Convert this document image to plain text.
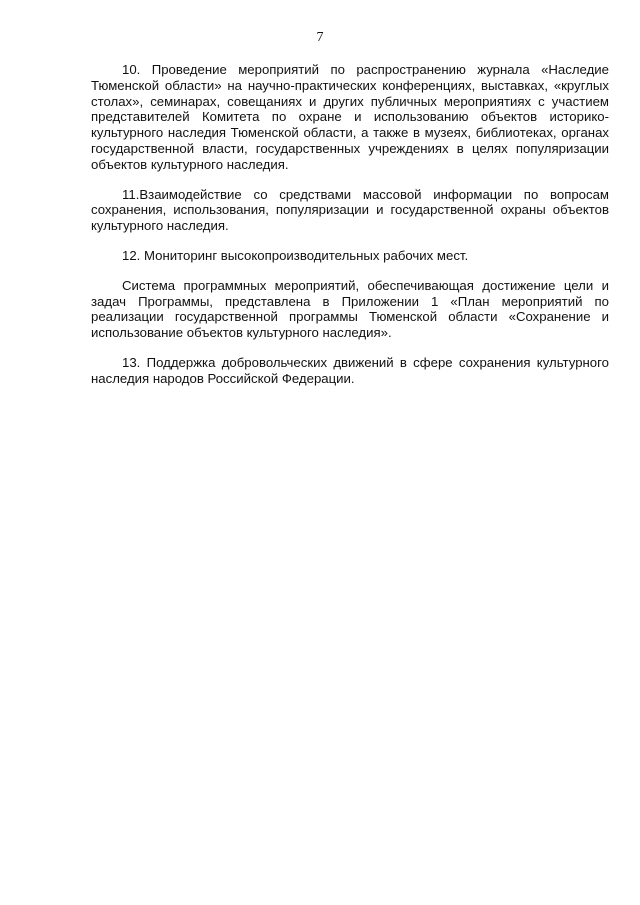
7

10. Проведение мероприятий по распространению журнала «Наследие Тюменской области» на научно-практических конференциях, выставках, «круглых столах», семинарах, совещаниях и других публичных мероприятиях с участием представителей Комитета по охране и использованию объектов историко-культурного наследия Тюменской области, а также в музеях, библиотеках, органах государственной власти, государственных учреждениях в целях популяризации объектов культурного наследия.

11.Взаимодействие со средствами массовой информации по вопросам сохранения, использования, популяризации и государственной охраны объектов культурного наследия.

12. Мониторинг высокопроизводительных рабочих мест.

Система программных мероприятий, обеспечивающая достижение цели и задач Программы, представлена в Приложении 1 «План мероприятий по реализации государственной программы Тюменской области «Сохранение и использование объектов культурного наследия».

13. Поддержка добровольческих движений в сфере сохранения культурного наследия народов Российской Федерации.
